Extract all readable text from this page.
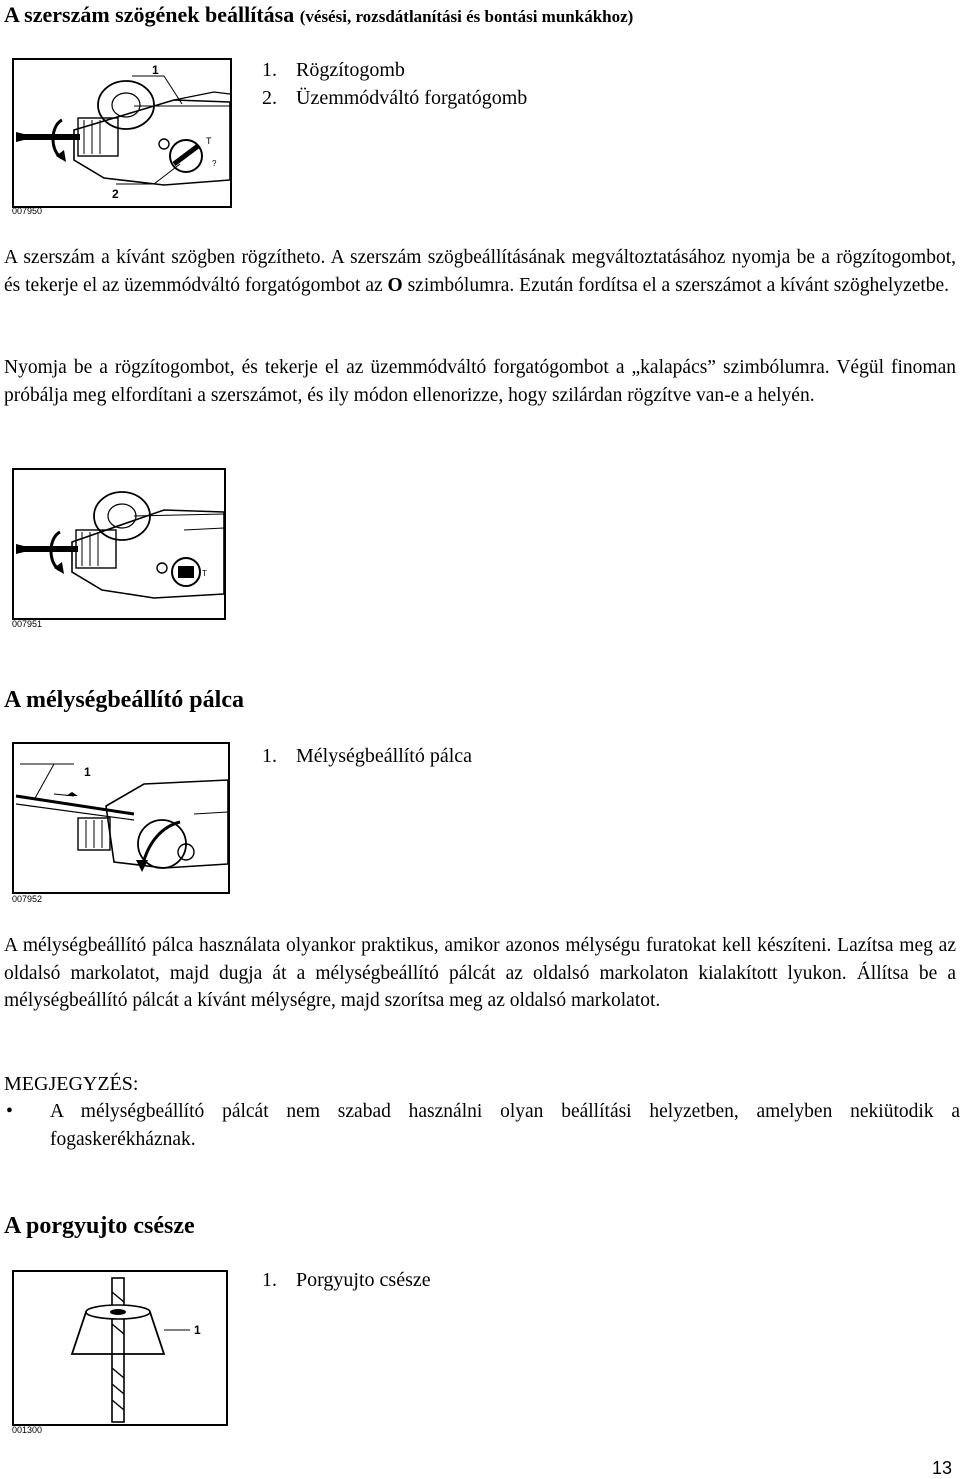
A szerszám szögének beállítása (vésési, rozsdátlanítási és bontási munkákhoz)
T
?
1
2
007950
1. Rögzítogomb
2. Üzemmódváltó forgatógomb
A szerszám a kívánt szögben rögzítheto. A szerszám szögbeállításának megváltoztatásához nyomja be a rögzítogombot, és tekerje el az üzemmódváltó forgatógombot az O szimbólumra. Ezután fordítsa el a szerszámot a kívánt szöghelyzetbe.
Nyomja be a rögzítogombot, és tekerje el az üzemmódváltó forgatógombot a „kalapács” szimbólumra. Végül finoman próbálja meg elfordítani a szerszámot, és ily módon ellenorizze, hogy szilárdan rögzítve van-e a helyén.
T
007951
A mélységbeállító pálca
1
007952
1. Mélységbeállító pálca
A mélységbeállító pálca használata olyankor praktikus, amikor azonos mélységu furatokat kell készíteni. Lazítsa meg az oldalsó markolatot, majd dugja át a mélységbeállító pálcát az oldalsó markolaton kialakított lyukon. Állítsa be a mélységbeállító pálcát a kívánt mélységre, majd szorítsa meg az oldalsó markolatot.
MEGJEGYZÉS:
• A mélységbeállító pálcát nem szabad használni olyan beállítási helyzetben, amelyben nekiütodik a fogaskerékháznak.
A porgyujto csésze
1
001300
1. Porgyujto csésze
13
